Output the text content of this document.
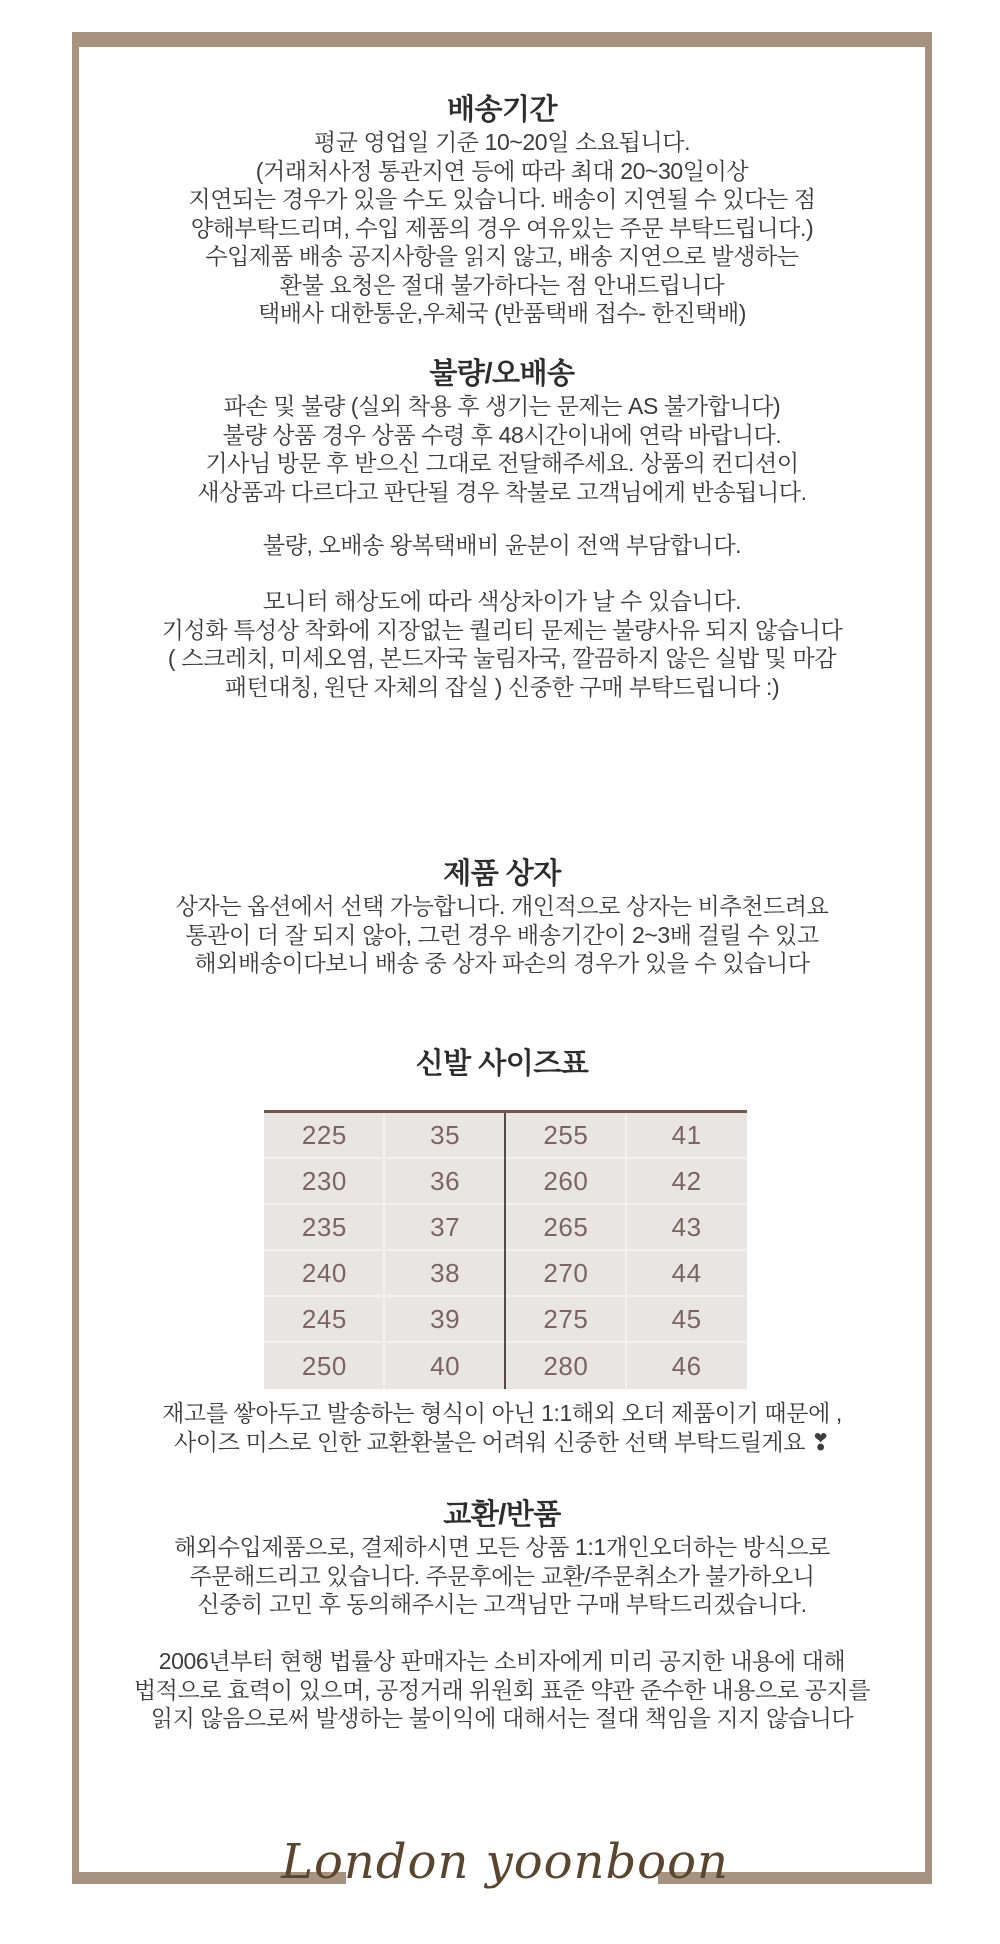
배송기간
평균 영업일 기준 10~20일 소요됩니다.
(거래처사정 통관지연 등에 따라 최대 20~30일이상
지연되는 경우가 있을 수도 있습니다. 배송이 지연될 수 있다는 점
양해부탁드리며, 수입 제품의 경우 여유있는 주문 부탁드립니다.)
수입제품 배송 공지사항을 읽지 않고, 배송 지연으로 발생하는
환불 요청은 절대 불가하다는 점 안내드립니다
택배사 대한통운,우체국 (반품택배 접수- 한진택배)
불량/오배송
파손 및 불량 (실외 착용 후 생기는 문제는 AS 불가합니다)
불량 상품 경우 상품 수령 후 48시간이내에 연락 바랍니다.
기사님 방문 후 받으신 그대로 전달해주세요. 상품의 컨디션이
새상품과 다르다고 판단될 경우 착불로 고객님에게 반송됩니다.
불량, 오배송 왕복택배비 윤분이 전액 부담합니다.
모니터 해상도에 따라 색상차이가 날 수 있습니다.
기성화 특성상 착화에 지장없는 퀄리티 문제는 불량사유 되지 않습니다
( 스크레치, 미세오염, 본드자국 눌림자국, 깔끔하지 않은 실밥 및 마감
패턴대칭, 원단 자체의 잡실 ) 신중한 구매 부탁드립니다 :)
제품 상자
상자는 옵션에서 선택 가능합니다. 개인적으로 상자는 비추천드려요
통관이 더 잘 되지 않아, 그런 경우 배송기간이 2~3배 걸릴 수 있고
해외배송이다보니 배송 중 상자 파손의 경우가 있을 수 있습니다
신발 사이즈표
225	35	255	41
230	36	260	42
235	37	265	43
240	38	270	44
245	39	275	45
250	40	280	46
재고를 쌓아두고 발송하는 형식이 아닌 1:1해외 오더 제품이기 때문에 ,
사이즈 미스로 인한 교환환불은 어려워 신중한 선택 부탁드릴게요 ❣
교환/반품
해외수입제품으로, 결제하시면 모든 상품 1:1개인오더하는 방식으로
주문해드리고 있습니다. 주문후에는 교환/주문취소가 불가하오니
신중히 고민 후 동의해주시는 고객님만 구매 부탁드리겠습니다.
2006년부터 현행 법률상 판매자는 소비자에게 미리 공지한 내용에 대해
법적으로 효력이 있으며, 공정거래 위원회 표준 약관 준수한 내용으로 공지를
읽지 않음으로써 발생하는 불이익에 대해서는 절대 책임을 지지 않습니다
London yoonboon
